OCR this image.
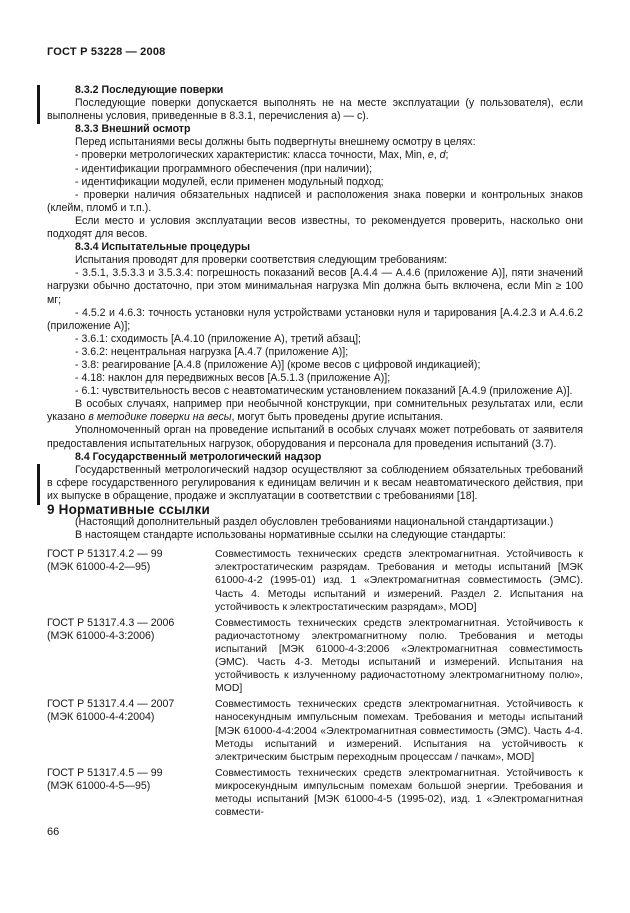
ГОСТ Р 53228 — 2008

8.3.2 Последующие поверки

Последующие поверки допускается выполнять не на месте эксплуатации (у пользователя), если выполнены условия, приведенные в 8.3.1, перечисления а) — с).

8.3.3 Внешний осмотр

Перед испытаниями весы должны быть подвергнуты внешнему осмотру в целях:

- проверки метрологических характеристик: класса точности, Max, Min, e, d;

- идентификации программного обеспечения (при наличии);

- идентификации модулей, если применен модульный подход;

- проверки наличия обязательных надписей и расположения знака поверки и контрольных знаков (клейм, пломб и т.п.).

Если место и условия эксплуатации весов известны, то рекомендуется проверить, насколько они подходят для весов.

8.3.4 Испытательные процедуры

Испытания проводят для проверки соответствия следующим требованиям:

- 3.5.1, 3.5.3.3 и 3.5.3.4: погрешность показаний весов [А.4.4 — А.4.6 (приложение А)], пяти значений нагрузки обычно достаточно, при этом минимальная нагрузка Min должна быть включена, если Min ≥ 100 мг;

- 4.5.2 и 4.6.3: точность установки нуля устройствами установки нуля и тарирования [А.4.2.3 и А.4.6.2 (приложение А)];

- 3.6.1: сходимость [А.4.10 (приложение А), третий абзац];

- 3.6.2: нецентральная нагрузка [А.4.7 (приложение А)];

- 3.8: реагирование [А.4.8 (приложение А)] (кроме весов с цифровой индикацией);

- 4.18: наклон для передвижных весов [А.5.1.3 (приложение А)];

- 6.1: чувствительность весов с неавтоматическим установлением показаний [А.4.9 (приложение А)].

В особых случаях, например при необычной конструкции, при сомнительных результатах или, если указано в методике поверки на весы, могут быть проведены другие испытания.

Уполномоченный орган на проведение испытаний в особых случаях может потребовать от заявителя предоставления испытательных нагрузок, оборудования и персонала для проведения испытаний (3.7).

8.4 Государственный метрологический надзор

Государственный метрологический надзор осуществляют за соблюдением обязательных требований в сфере государственного регулирования к единицам величин и к весам неавтоматического действия, при их выпуске в обращение, продаже и эксплуатации в соответствии с требованиями [18].

9 Нормативные ссылки

(Настоящий дополнительный раздел обусловлен требованиями национальной стандартизации.)

В настоящем стандарте использованы нормативные ссылки на следующие стандарты:

ГОСТ Р 51317.4.2 — 99
(МЭК 61000-4-2—95)
Совместимость технических средств электромагнитная. Устойчивость к электростатическим разрядам. Требования и методы испытаний [МЭК 61000-4-2 (1995-01) изд. 1 «Электромагнитная совместимость (ЭМС). Часть 4. Методы испытаний и измерений. Раздел 2. Испытания на устойчивость к электростатическим разрядам», MOD]
ГОСТ Р 51317.4.3 — 2006
(МЭК 61000-4-3:2006)
Совместимость технических средств электромагнитная. Устойчивость к радиочастотному электромагнитному полю. Требования и методы испытаний [МЭК 61000-4-3:2006 «Электромагнитная совместимость (ЭМС). Часть 4-3. Методы испытаний и измерений. Испытания на устойчивость к излученному радиочастотному электромагнитному полю», MOD]
ГОСТ Р 51317.4.4 — 2007
(МЭК 61000-4-4:2004)
Совместимость технических средств электромагнитная. Устойчивость к наносекундным импульсным помехам. Требования и методы испытаний [МЭК 61000-4-4:2004 «Электромагнитная совместимость (ЭМС). Часть 4-4. Методы испытаний и измерений. Испытания на устойчивость к электрическим быстрым переходным процессам / пачкам», MOD]
ГОСТ Р 51317.4.5 — 99
(МЭК 61000-4-5—95)
Совместимость технических средств электромагнитная. Устойчивость к микросекундным импульсным помехам большой энергии. Требования и методы испытаний [МЭК 61000-4-5 (1995-02), изд. 1 «Электромагнитная совмести-
66
